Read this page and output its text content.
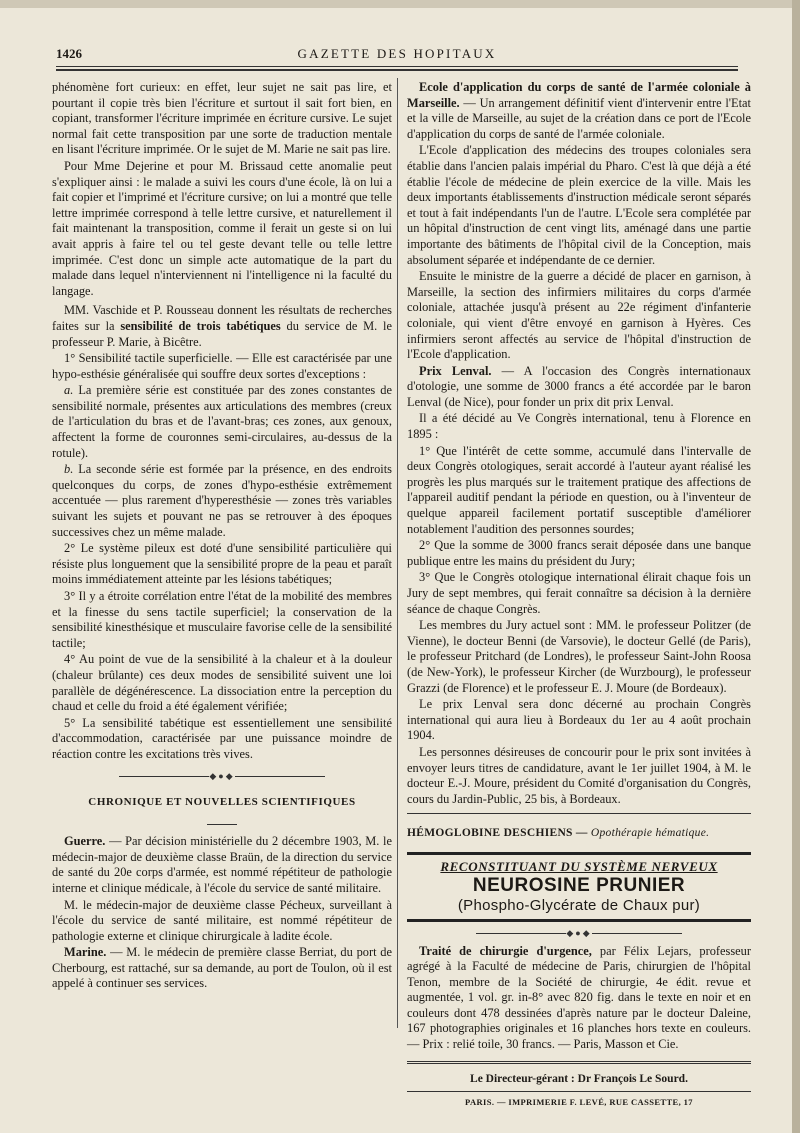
1426	GAZETTE DES HOPITAUX

phénomène fort curieux: en effet, leur sujet ne sait pas lire, et pourtant il copie très bien l'écriture et surtout il sait fort bien, en copiant, transformer l'écriture imprimée en écriture cursive. Le sujet normal fait cette transposition par une sorte de traduction mentale en lisant l'écriture imprimée. Or le sujet de M. Marie ne sait pas lire.

Pour Mme Dejerine et pour M. Brissaud cette anomalie peut s'expliquer ainsi : le malade a suivi les cours d'une école, là on lui a fait copier et l'imprimé et l'écriture cursive; on lui a montré que telle lettre imprimée correspond à telle lettre cursive, et naturellement il fait maintenant la transposition, comme il ferait un geste si on lui avait appris à faire tel ou tel geste devant telle ou telle lettre imprimée. C'est donc un simple acte automatique de la part du malade dans lequel n'interviennent ni l'intelligence ni la faculté du langage.

MM. Vaschide et P. Rousseau donnent les résultats de recherches faites sur la sensibilité de trois tabétiques du service de M. le professeur P. Marie, à Bicêtre.

1° Sensibilité tactile superficielle. — Elle est caractérisée par une hypo-esthésie généralisée qui souffre deux sortes d'exceptions :

a. La première série est constituée par des zones constantes de sensibilité normale, présentes aux articulations des membres (creux de l'articulation du bras et de l'avant-bras; ces zones, aux genoux, affectent la forme de couronnes semi-circulaires, au-dessus de la rotule).

b. La seconde série est formée par la présence, en des endroits quelconques du corps, de zones d'hypo-esthésie extrêmement accentuée — plus rarement d'hyperesthésie — zones très variables suivant les sujets et pouvant ne pas se retrouver à des époques successives chez un même malade.

2° Le système pileux est doté d'une sensibilité particulière qui résiste plus longuement que la sensibilité propre de la peau et paraît moins immédiatement atteinte par les lésions tabétiques;

3° Il y a étroite corrélation entre l'état de la mobilité des membres et la finesse du sens tactile superficiel; la conservation de la sensibilité kinesthésique et musculaire favorise celle de la sensibilité tactile;

4° Au point de vue de la sensibilité à la chaleur et à la douleur (chaleur brûlante) ces deux modes de sensibilité suivent une loi parallèle de dégénérescence. La dissociation entre la perception du chaud et celle du froid a été également vérifiée;

5° La sensibilité tabétique est essentiellement une sensibilité d'accommodation, caractérisée par une puissance moindre de réaction contre les excitations très vives.

◆●◆
CHRONIQUE ET NOUVELLES SCIENTIFIQUES

Guerre. — Par décision ministérielle du 2 décembre 1903, M. le médecin-major de deuxième classe Braün, de la direction du service de santé du 20e corps d'armée, est nommé répétiteur de pathologie interne et clinique médicale, à l'école du service de santé militaire.

M. le médecin-major de deuxième classe Pécheux, surveillant à l'école du service de santé militaire, est nommé répétiteur de pathologie externe et clinique chirurgicale à ladite école.

Marine. — M. le médecin de première classe Berriat, du port de Cherbourg, est rattaché, sur sa demande, au port de Toulon, où il est appelé à continuer ses services.

Ecole d'application du corps de santé de l'armée coloniale à Marseille. — Un arrangement définitif vient d'intervenir entre l'Etat et la ville de Marseille, au sujet de la création dans ce port de l'Ecole d'application du corps de santé de l'armée coloniale.

L'Ecole d'application des médecins des troupes coloniales sera établie dans l'ancien palais impérial du Pharo. C'est là que déjà a été établie l'école de médecine de plein exercice de la ville. Mais les deux importants établissements d'instruction médicale seront séparés et tout à fait indépendants l'un de l'autre. L'Ecole sera complétée par un hôpital d'instruction de cent vingt lits, aménagé dans une partie importante des bâtiments de l'hôpital civil de la Conception, mais absolument séparée et indépendante de ce dernier.

Ensuite le ministre de la guerre a décidé de placer en garnison, à Marseille, la section des infirmiers militaires du corps d'armée coloniale, attachée jusqu'à présent au 22e régiment d'infanterie coloniale, qui vient d'être envoyé en garnison à Hyères. Ces infirmiers seront affectés au service de l'hôpital d'instruction de l'Ecole d'application.

Prix Lenval. — A l'occasion des Congrès internationaux d'otologie, une somme de 3000 francs a été accordée par le baron Lenval (de Nice), pour fonder un prix dit prix Lenval.

Il a été décidé au Ve Congrès international, tenu à Florence en 1895 :

1° Que l'intérêt de cette somme, accumulé dans l'intervalle de deux Congrès otologiques, serait accordé à l'auteur ayant réalisé les progrès les plus marqués sur le traitement pratique des affections de l'appareil auditif pendant la période en question, ou à l'inventeur de quelque appareil facilement portatif susceptible d'améliorer notablement l'audition des personnes sourdes;

2° Que la somme de 3000 francs serait déposée dans une banque publique entre les mains du président du Jury;

3° Que le Congrès otologique international élirait chaque fois un Jury de sept membres, qui ferait connaître sa décision à la dernière séance de chaque Congrès.

Les membres du Jury actuel sont : MM. le professeur Politzer (de Vienne), le docteur Benni (de Varsovie), le docteur Gellé (de Paris), le professeur Pritchard (de Londres), le professeur Saint-John Roosa (de New-York), le professeur Kircher (de Wurzbourg), le professeur Grazzi (de Florence) et le professeur E. J. Moure (de Bordeaux).

Le prix Lenval sera donc décerné au prochain Congrès international qui aura lieu à Bordeaux du 1er au 4 août prochain 1904.

Les personnes désireuses de concourir pour le prix sont invitées à envoyer leurs titres de candidature, avant le 1er juillet 1904, à M. le docteur E.-J. Moure, président du Comité d'organisation du Congrès, cours du Jardin-Public, 25 bis, à Bordeaux.

HÉMOGLOBINE DESCHIENS — Opothérapie hématique.
RECONSTITUANT DU SYSTÈME NERVEUX
NEUROSINE PRUNIER
(Phospho-Glycérate de Chaux pur)
◆●◆

Traité de chirurgie d'urgence, par Félix Lejars, professeur agrégé à la Faculté de médecine de Paris, chirurgien de l'hôpital Tenon, membre de la Société de chirurgie, 4e édit. revue et augmentée, 1 vol. gr. in-8° avec 820 fig. dans le texte en noir et en couleurs dont 478 dessinées d'après nature par le docteur Daleine, 167 photographies originales et 16 planches hors texte en couleurs. — Prix : relié toile, 30 francs. — Paris, Masson et Cie.

Le Directeur-gérant : Dr François Le Sourd.
PARIS. — IMPRIMERIE F. LEVÉ, RUE CASSETTE, 17
